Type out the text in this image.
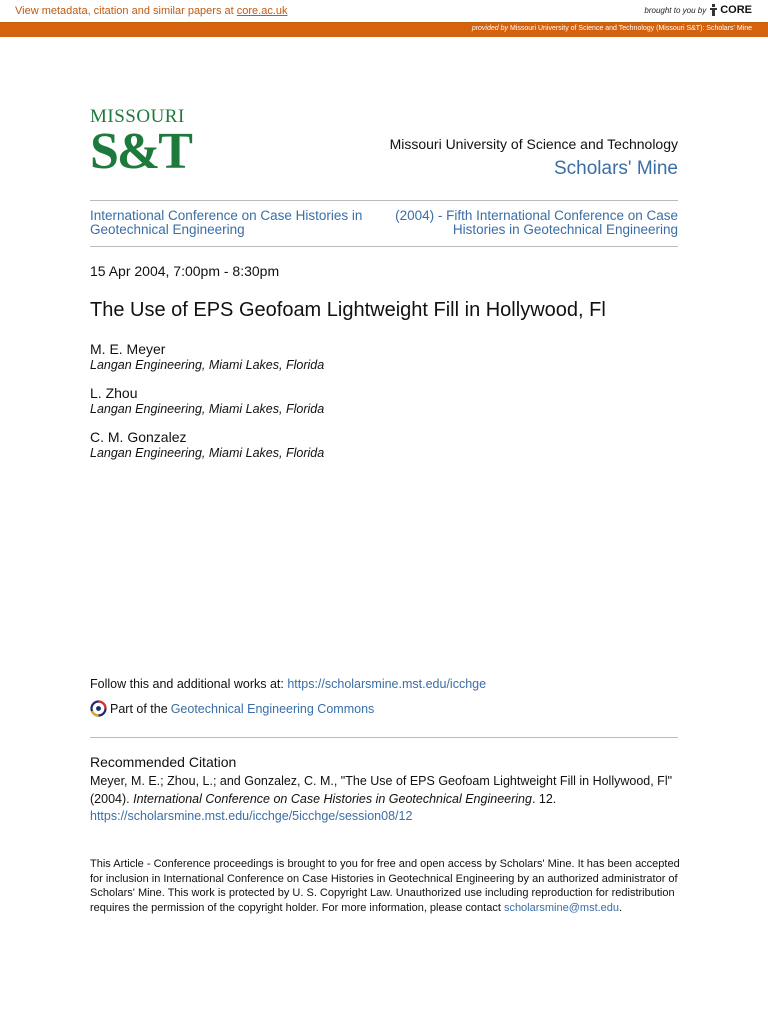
View metadata, citation and similar papers at core.ac.uk	brought to you by CORE
provided by Missouri University of Science and Technology (Missouri S&T): Scholars' Mine
MISSOURI
S&T	Missouri University of Science and Technology
Scholars' Mine
International Conference on Case Histories in Geotechnical Engineering
(2004) - Fifth International Conference on Case Histories in Geotechnical Engineering
15 Apr 2004, 7:00pm - 8:30pm
The Use of EPS Geofoam Lightweight Fill in Hollywood, Fl
M. E. Meyer
Langan Engineering, Miami Lakes, Florida
L. Zhou
Langan Engineering, Miami Lakes, Florida
C. M. Gonzalez
Langan Engineering, Miami Lakes, Florida
Follow this and additional works at: https://scholarsmine.mst.edu/icchge
Part of the Geotechnical Engineering Commons
Recommended Citation
Meyer, M. E.; Zhou, L.; and Gonzalez, C. M., "The Use of EPS Geofoam Lightweight Fill in Hollywood, Fl"
(2004). International Conference on Case Histories in Geotechnical Engineering. 12.
https://scholarsmine.mst.edu/icchge/5icchge/session08/12
This Article - Conference proceedings is brought to you for free and open access by Scholars' Mine. It has been accepted for inclusion in International Conference on Case Histories in Geotechnical Engineering by an authorized administrator of Scholars' Mine. This work is protected by U. S. Copyright Law. Unauthorized use including reproduction for redistribution requires the permission of the copyright holder. For more information, please contact scholarsmine@mst.edu.
